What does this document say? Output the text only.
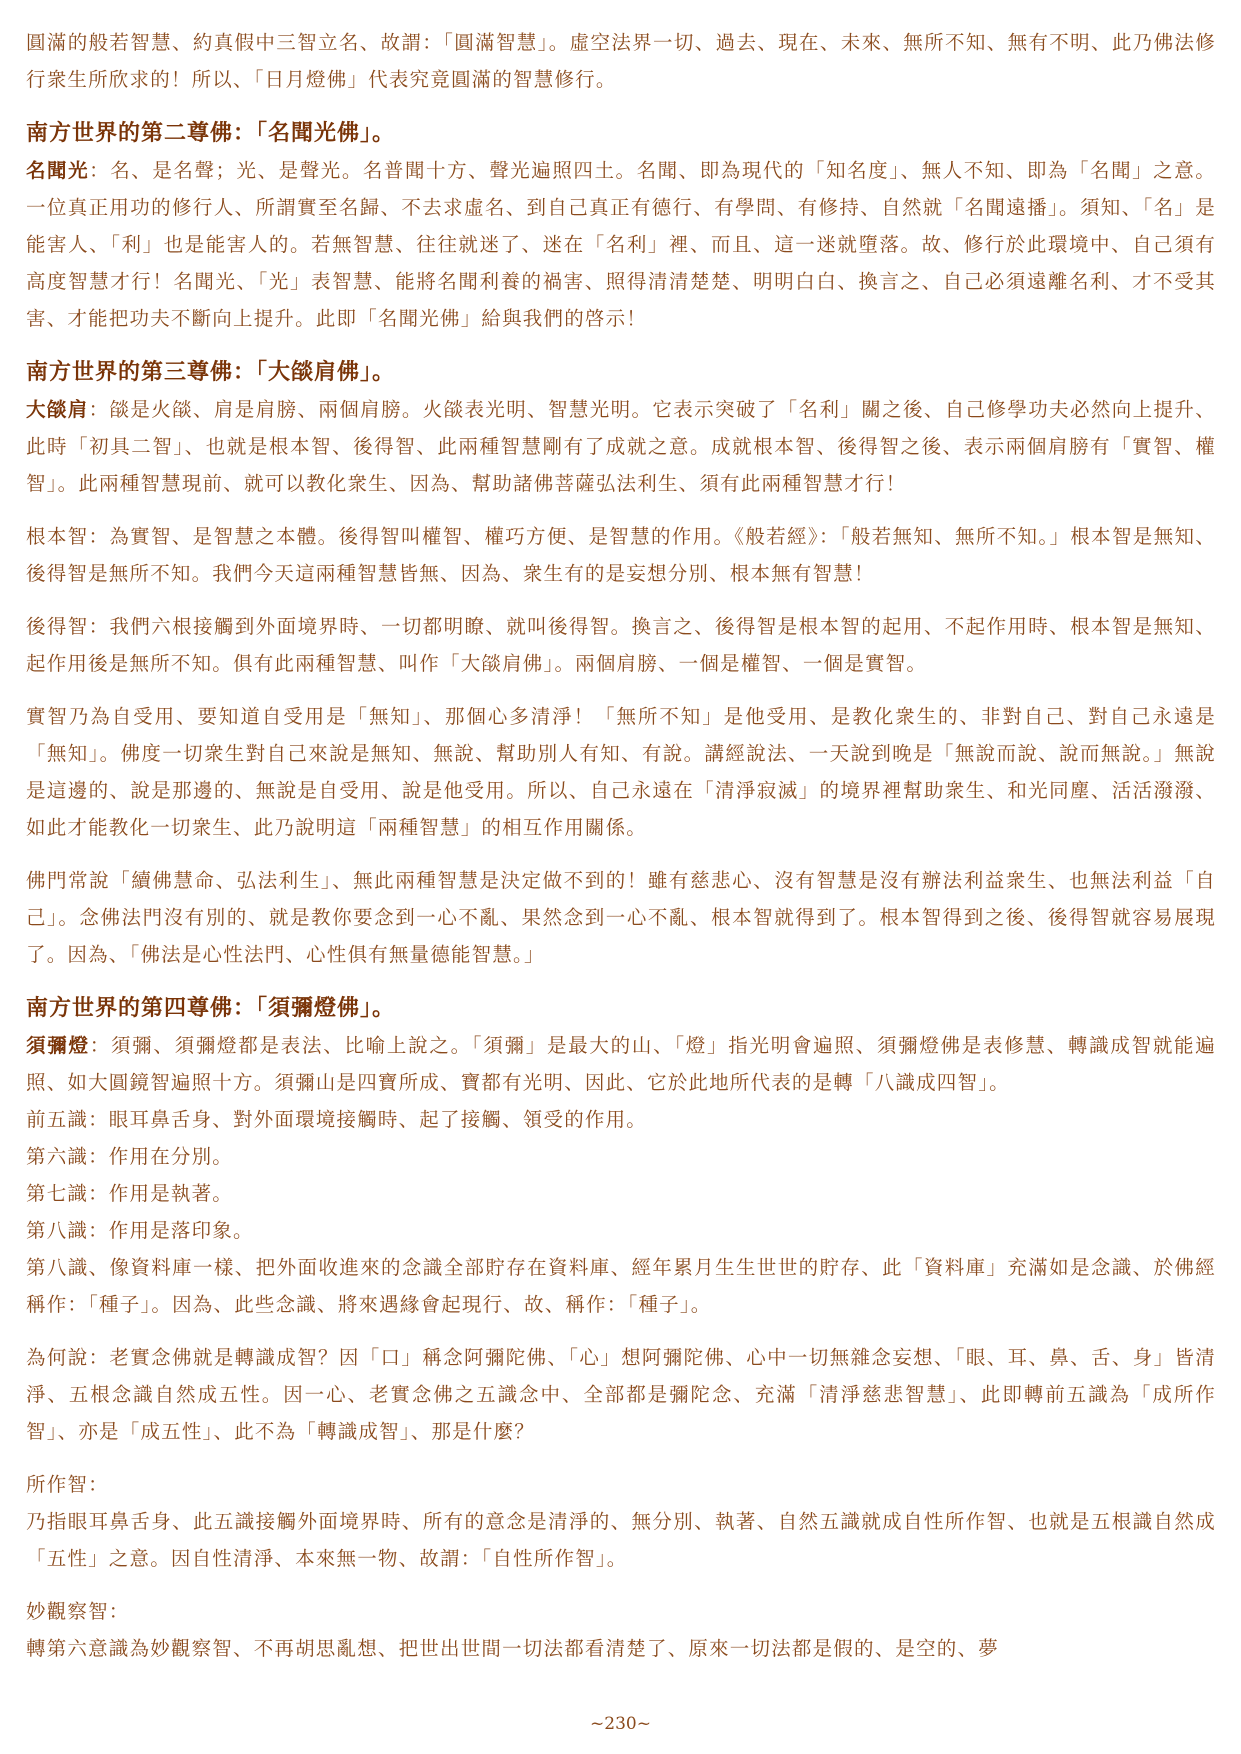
圓滿的般若智慧、約真假中三智立名、故謂：「圓滿智慧」。虛空法界一切、過去、現在、未來、無所不知、無有不明、此乃佛法修行衆生所欣求的！所以、「日月燈佛」代表究竟圓滿的智慧修行。

南方世界的第二尊佛：「名聞光佛」。

名聞光：名、是名聲；光、是聲光。名普聞十方、聲光遍照四土。名聞、即為現代的「知名度」、無人不知、即為「名聞」之意。一位真正用功的修行人、所謂實至名歸、不去求虛名、到自己真正有德行、有學問、有修持、自然就「名聞遠播」。須知、「名」是能害人、「利」也是能害人的。若無智慧、往往就迷了、迷在「名利」裡、而且、這一迷就墮落。故、修行於此環境中、自己須有高度智慧才行！名聞光、「光」表智慧、能將名聞利養的禍害、照得清清楚楚、明明白白、換言之、自己必須遠離名利、才不受其害、才能把功夫不斷向上提升。此即「名聞光佛」給與我們的啓示！

南方世界的第三尊佛：「大燄肩佛」。

大燄肩：燄是火燄、肩是肩膀、兩個肩膀。火燄表光明、智慧光明。它表示突破了「名利」關之後、自己修學功夫必然向上提升、此時「初具二智」、也就是根本智、後得智、此兩種智慧剛有了成就之意。成就根本智、後得智之後、表示兩個肩膀有「實智、權智」。此兩種智慧現前、就可以教化衆生、因為、幫助諸佛菩薩弘法利生、須有此兩種智慧才行！

根本智：為實智、是智慧之本體。後得智叫權智、權巧方便、是智慧的作用。《般若經》：「般若無知、無所不知。」根本智是無知、後得智是無所不知。我們今天這兩種智慧皆無、因為、衆生有的是妄想分別、根本無有智慧！

後得智：我們六根接觸到外面境界時、一切都明瞭、就叫後得智。換言之、後得智是根本智的起用、不起作用時、根本智是無知、起作用後是無所不知。俱有此兩種智慧、叫作「大燄肩佛」。兩個肩膀、一個是權智、一個是實智。

實智乃為自受用、要知道自受用是「無知」、那個心多清淨！「無所不知」是他受用、是教化衆生的、非對自己、對自己永遠是「無知」。佛度一切衆生對自己來說是無知、無說、幫助別人有知、有說。講經說法、一天說到晚是「無說而說、說而無說。」無說是這邊的、說是那邊的、無說是自受用、說是他受用。所以、自己永遠在「清淨寂滅」的境界裡幫助衆生、和光同塵、活活潑潑、如此才能教化一切衆生、此乃說明這「兩種智慧」的相互作用關係。

佛門常說「續佛慧命、弘法利生」、無此兩種智慧是決定做不到的！雖有慈悲心、沒有智慧是沒有辦法利益衆生、也無法利益「自己」。念佛法門沒有別的、就是教你要念到一心不亂、果然念到一心不亂、根本智就得到了。根本智得到之後、後得智就容易展現了。因為、「佛法是心性法門、心性俱有無量德能智慧。」

南方世界的第四尊佛：「須彌燈佛」。

須彌燈：須彌、須彌燈都是表法、比喻上說之。「須彌」是最大的山、「燈」指光明會遍照、須彌燈佛是表修慧、轉識成智就能遍照、如大圓鏡智遍照十方。須彌山是四寶所成、寶都有光明、因此、它於此地所代表的是轉「八識成四智」。

前五識：眼耳鼻舌身、對外面環境接觸時、起了接觸、領受的作用。
第六識：作用在分別。
第七識：作用是執著。
第八識：作用是落印象。

第八識、像資料庫一樣、把外面收進來的念識全部貯存在資料庫、經年累月生生世世的貯存、此「資料庫」充滿如是念識、於佛經稱作：「種子」。因為、此些念識、將來遇緣會起現行、故、稱作：「種子」。

為何說：老實念佛就是轉識成智？因「口」稱念阿彌陀佛、「心」想阿彌陀佛、心中一切無雜念妄想、「眼、耳、鼻、舌、身」皆清淨、五根念識自然成五性。因一心、老實念佛之五識念中、全部都是彌陀念、充滿「清淨慈悲智慧」、此即轉前五識為「成所作智」、亦是「成五性」、此不為「轉識成智」、那是什麼？

所作智：

乃指眼耳鼻舌身、此五識接觸外面境界時、所有的意念是清淨的、無分別、執著、自然五識就成自性所作智、也就是五根識自然成「五性」之意。因自性清淨、本來無一物、故謂：「自性所作智」。

妙觀察智：

轉第六意識為妙觀察智、不再胡思亂想、把世出世間一切法都看清楚了、原來一切法都是假的、是空的、夢

~230~
